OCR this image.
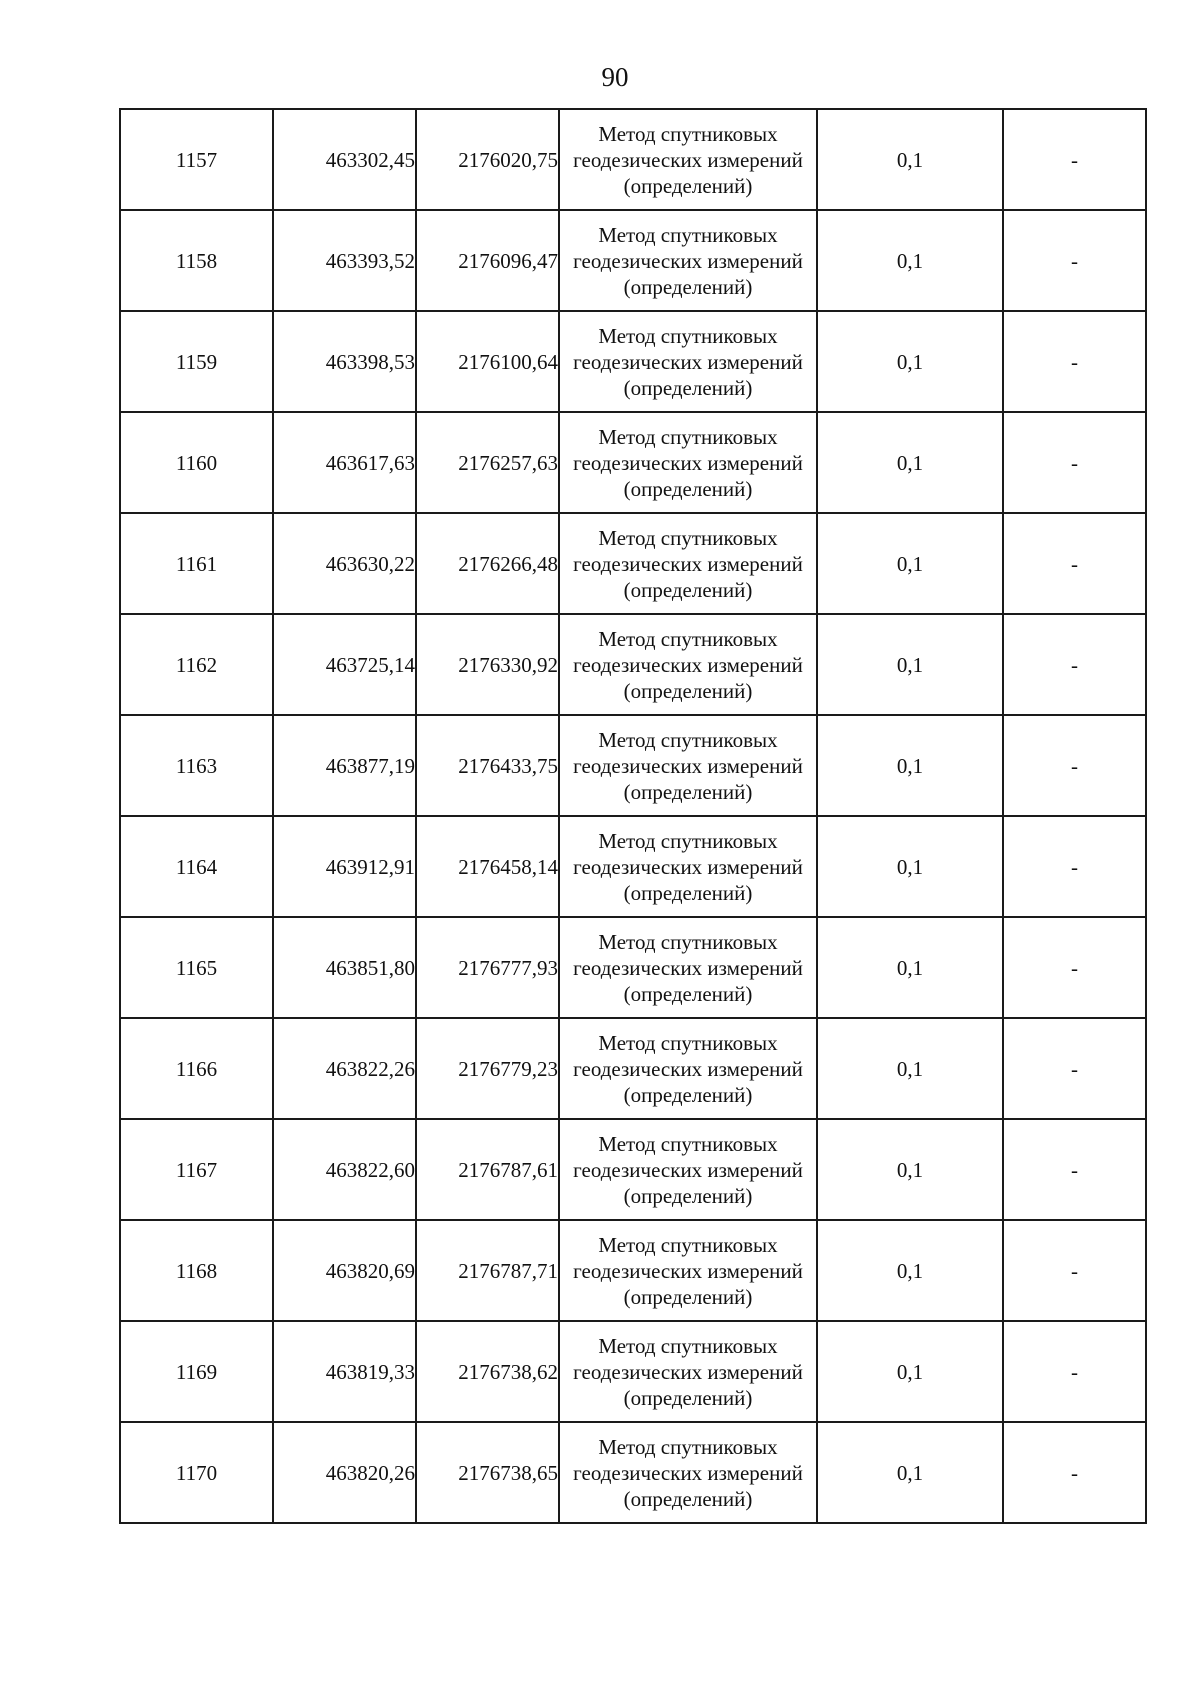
90
1157	463302,45	2176020,75	Метод спутниковых
геодезических измерений
(определений)	0,1	-
1158	463393,52	2176096,47	Метод спутниковых
геодезических измерений
(определений)	0,1	-
1159	463398,53	2176100,64	Метод спутниковых
геодезических измерений
(определений)	0,1	-
1160	463617,63	2176257,63	Метод спутниковых
геодезических измерений
(определений)	0,1	-
1161	463630,22	2176266,48	Метод спутниковых
геодезических измерений
(определений)	0,1	-
1162	463725,14	2176330,92	Метод спутниковых
геодезических измерений
(определений)	0,1	-
1163	463877,19	2176433,75	Метод спутниковых
геодезических измерений
(определений)	0,1	-
1164	463912,91	2176458,14	Метод спутниковых
геодезических измерений
(определений)	0,1	-
1165	463851,80	2176777,93	Метод спутниковых
геодезических измерений
(определений)	0,1	-
1166	463822,26	2176779,23	Метод спутниковых
геодезических измерений
(определений)	0,1	-
1167	463822,60	2176787,61	Метод спутниковых
геодезических измерений
(определений)	0,1	-
1168	463820,69	2176787,71	Метод спутниковых
геодезических измерений
(определений)	0,1	-
1169	463819,33	2176738,62	Метод спутниковых
геодезических измерений
(определений)	0,1	-
1170	463820,26	2176738,65	Метод спутниковых
геодезических измерений
(определений)	0,1	-
